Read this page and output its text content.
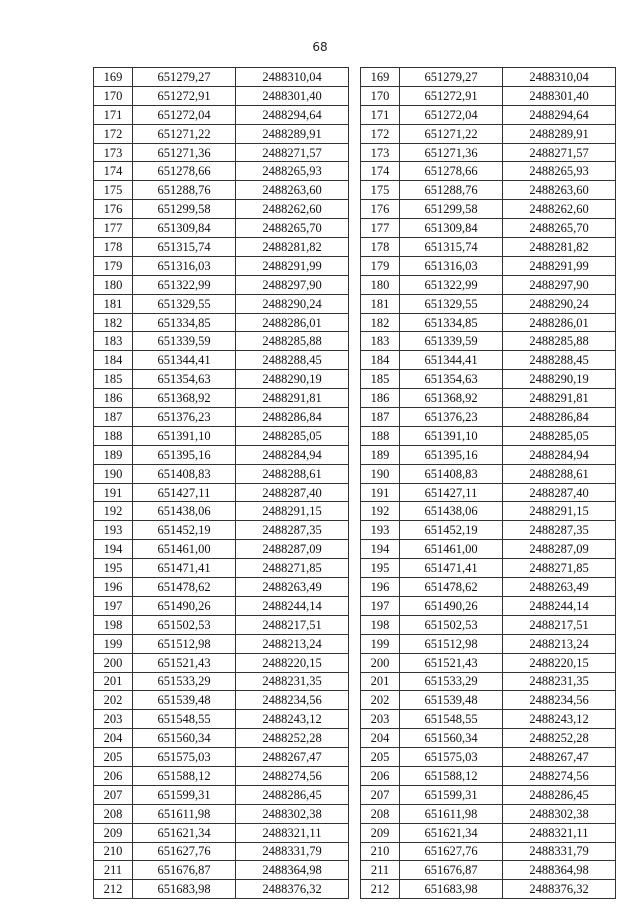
68
169	651279,27	2488310,04
170	651272,91	2488301,40
171	651272,04	2488294,64
172	651271,22	2488289,91
173	651271,36	2488271,57
174	651278,66	2488265,93
175	651288,76	2488263,60
176	651299,58	2488262,60
177	651309,84	2488265,70
178	651315,74	2488281,82
179	651316,03	2488291,99
180	651322,99	2488297,90
181	651329,55	2488290,24
182	651334,85	2488286,01
183	651339,59	2488285,88
184	651344,41	2488288,45
185	651354,63	2488290,19
186	651368,92	2488291,81
187	651376,23	2488286,84
188	651391,10	2488285,05
189	651395,16	2488284,94
190	651408,83	2488288,61
191	651427,11	2488287,40
192	651438,06	2488291,15
193	651452,19	2488287,35
194	651461,00	2488287,09
195	651471,41	2488271,85
196	651478,62	2488263,49
197	651490,26	2488244,14
198	651502,53	2488217,51
199	651512,98	2488213,24
200	651521,43	2488220,15
201	651533,29	2488231,35
202	651539,48	2488234,56
203	651548,55	2488243,12
204	651560,34	2488252,28
205	651575,03	2488267,47
206	651588,12	2488274,56
207	651599,31	2488286,45
208	651611,98	2488302,38
209	651621,34	2488321,11
210	651627,76	2488331,79
211	651676,87	2488364,98
212	651683,98	2488376,32
169	651279,27	2488310,04
170	651272,91	2488301,40
171	651272,04	2488294,64
172	651271,22	2488289,91
173	651271,36	2488271,57
174	651278,66	2488265,93
175	651288,76	2488263,60
176	651299,58	2488262,60
177	651309,84	2488265,70
178	651315,74	2488281,82
179	651316,03	2488291,99
180	651322,99	2488297,90
181	651329,55	2488290,24
182	651334,85	2488286,01
183	651339,59	2488285,88
184	651344,41	2488288,45
185	651354,63	2488290,19
186	651368,92	2488291,81
187	651376,23	2488286,84
188	651391,10	2488285,05
189	651395,16	2488284,94
190	651408,83	2488288,61
191	651427,11	2488287,40
192	651438,06	2488291,15
193	651452,19	2488287,35
194	651461,00	2488287,09
195	651471,41	2488271,85
196	651478,62	2488263,49
197	651490,26	2488244,14
198	651502,53	2488217,51
199	651512,98	2488213,24
200	651521,43	2488220,15
201	651533,29	2488231,35
202	651539,48	2488234,56
203	651548,55	2488243,12
204	651560,34	2488252,28
205	651575,03	2488267,47
206	651588,12	2488274,56
207	651599,31	2488286,45
208	651611,98	2488302,38
209	651621,34	2488321,11
210	651627,76	2488331,79
211	651676,87	2488364,98
212	651683,98	2488376,32
